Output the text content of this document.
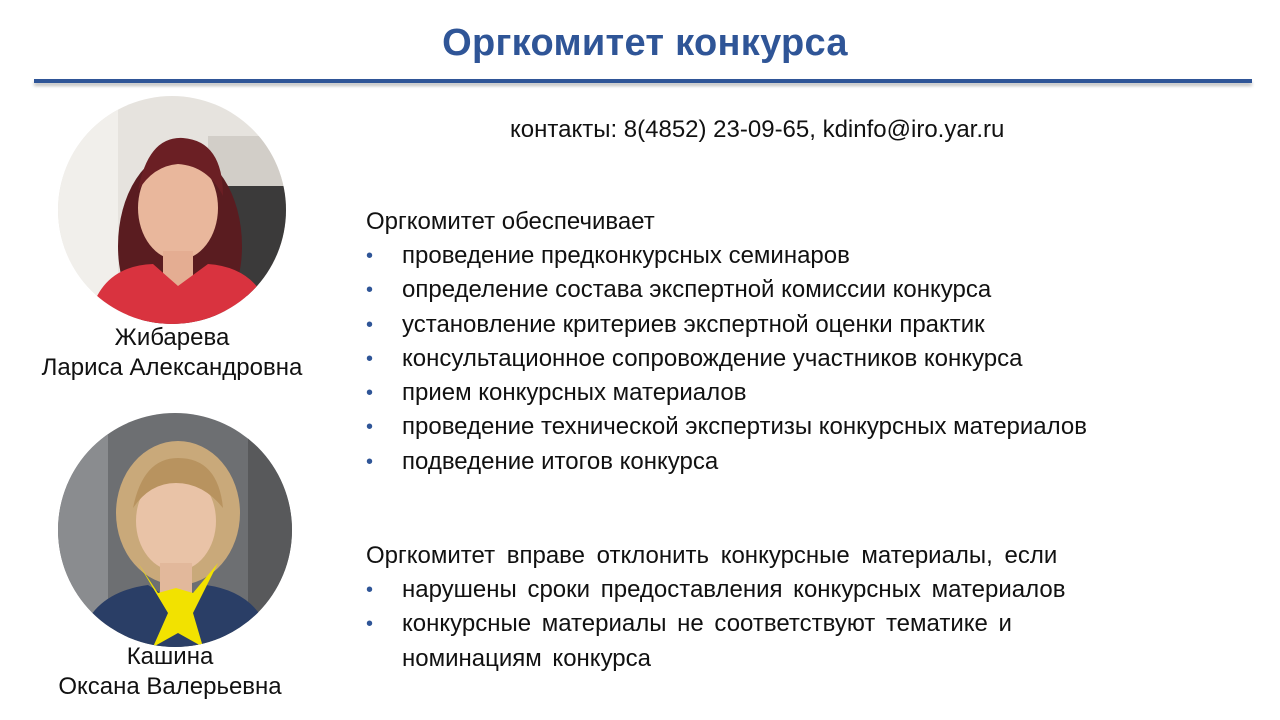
Оргкомитет конкурса
контакты: 8(4852) 23-09-65, kdinfo@iro.yar.ru
Жибарева
Лариса Александровна
Кашина
Оксана Валерьевна

Оргкомитет обеспечивает

•	проведение предконкурсных семинаров
•	определение состава экспертной комиссии конкурса
•	установление критериев экспертной оценки практик
•	консультационное сопровождение участников конкурса
•	прием конкурсных материалов
•	проведение технической экспертизы конкурсных материалов
•	подведение итогов конкурса

Оргкомитет вправе отклонить конкурсные материалы, если

•	нарушены сроки предоставления конкурсных материалов
•	конкурсные материалы не соответствуют тематике и номинациям конкурса
